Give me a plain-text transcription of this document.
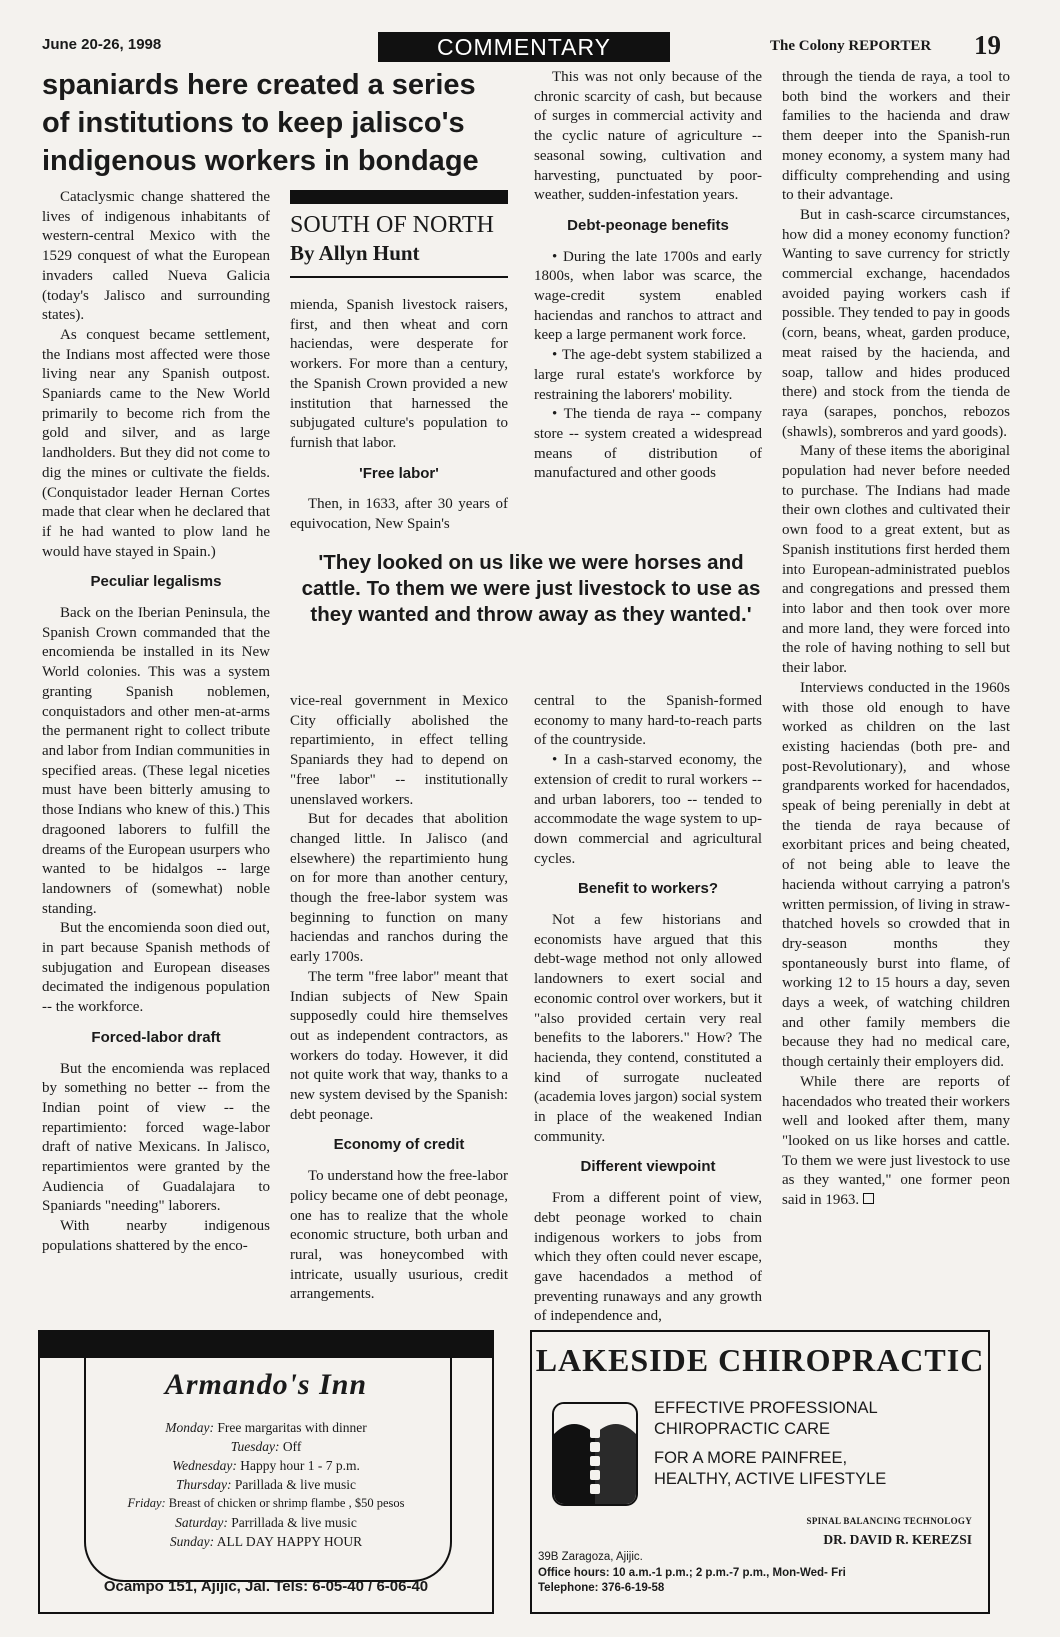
June 20-26, 1998	COMMENTARY	The Colony REPORTER 19
spaniards here created a series of institutions to keep jalisco's indigenous workers in bondage

Cataclysmic change shattered the lives of indigenous inhabitants of western-central Mexico with the 1529 conquest of what the European invaders called Nueva Galicia (today's Jalisco and surrounding states).

As conquest became settlement, the Indians most affected were those living near any Spanish outpost. Spaniards came to the New World primarily to become rich from the gold and silver, and as large landholders. But they did not come to dig the mines or cultivate the fields. (Conquistador leader Hernan Cortes made that clear when he declared that if he had wanted to plow land he would have stayed in Spain.)

Peculiar legalisms

Back on the Iberian Peninsula, the Spanish Crown commanded that the encomienda be installed in its New World colonies. This was a system granting Spanish noblemen, conquistadors and other men-at-arms the permanent right to collect tribute and labor from Indian communities in specified areas. (These legal niceties must have been bitterly amusing to those Indians who knew of this.) This dragooned laborers to fulfill the dreams of the European usurpers who wanted to be hidalgos -- large landowners of (somewhat) noble standing.

But the encomienda soon died out, in part because Spanish methods of subjugation and European diseases decimated the indigenous population -- the workforce.

Forced-labor draft

But the encomienda was replaced by something no better -- from the Indian point of view -- the repartimiento: forced wage-labor draft of native Mexicans. In Jalisco, repartimientos were granted by the Audiencia of Guadalajara to Spaniards "needing" laborers.

With nearby indigenous populations shattered by the enco-

SOUTH OF NORTH
By Allyn Hunt

mienda, Spanish livestock raisers, first, and then wheat and corn haciendas, were desperate for workers. For more than a century, the Spanish Crown provided a new institution that harnessed the subjugated culture's population to furnish that labor.

'Free labor'

Then, in 1633, after 30 years of equivocation, New Spain's

This was not only because of the chronic scarcity of cash, but because of surges in commercial activity and the cyclic nature of agriculture -- seasonal sowing, cultivation and harvesting, punctuated by poor-weather, sudden-infestation years.

Debt-peonage benefits

• During the late 1700s and early 1800s, when labor was scarce, the wage-credit system enabled haciendas and ranchos to attract and keep a large permanent work force.

• The age-debt system stabilized a large rural estate's workforce by restraining the laborers' mobility.

• The tienda de raya -- company store -- system created a widespread means of distribution of manufactured and other goods

'They looked on us like we were horses and cattle. To them we were just livestock to use as they wanted and throw away as they wanted.'

vice-real government in Mexico City officially abolished the repartimiento, in effect telling Spaniards they had to depend on "free labor" -- institutionally unenslaved workers.

But for decades that abolition changed little. In Jalisco (and elsewhere) the repartimiento hung on for more than another century, though the free-labor system was beginning to function on many haciendas and ranchos during the early 1700s.

The term "free labor" meant that Indian subjects of New Spain supposedly could hire themselves out as independent contractors, as workers do today. However, it did not quite work that way, thanks to a new system devised by the Spanish: debt peonage.

Economy of credit

To understand how the free-labor policy became one of debt peonage, one has to realize that the whole economic structure, both urban and rural, was honeycombed with intricate, usually usurious, credit arrangements.

central to the Spanish-formed economy to many hard-to-reach parts of the countryside.

• In a cash-starved economy, the extension of credit to rural workers -- and urban laborers, too -- tended to accommodate the wage system to up-down commercial and agricultural cycles.

Benefit to workers?

Not a few historians and economists have argued that this debt-wage method not only allowed landowners to exert social and economic control over workers, but it "also provided certain very real benefits to the laborers." How? The hacienda, they contend, constituted a kind of surrogate nucleated (academia loves jargon) social system in place of the weakened Indian community.

Different viewpoint

From a different point of view, debt peonage worked to chain indigenous workers to jobs from which they often could never escape, gave hacendados a method of preventing runaways and any growth of independence and,

through the tienda de raya, a tool to both bind the workers and their families to the hacienda and draw them deeper into the Spanish-run money economy, a system many had difficulty comprehending and using to their advantage.

But in cash-scarce circumstances, how did a money economy function? Wanting to save currency for strictly commercial exchange, hacendados avoided paying workers cash if possible. They tended to pay in goods (corn, beans, wheat, garden produce, meat raised by the hacienda, and soap, tallow and hides produced there) and stock from the tienda de raya (sarapes, ponchos, rebozos (shawls), sombreros and yard goods).

Many of these items the aboriginal population had never before needed to purchase. The Indians had made their own clothes and cultivated their own food to a great extent, but as Spanish institutions first herded them into European-administrated pueblos and congregations and pressed them into labor and then took over more and more land, they were forced into the role of having nothing to sell but their labor.

Interviews conducted in the 1960s with those old enough to have worked as children on the last existing haciendas (both pre- and post-Revolutionary), and whose grandparents worked for hacendados, speak of being perenially in debt at the tienda de raya because of exorbitant prices and being cheated, of not being able to leave the hacienda without carrying a patron's written permission, of living in straw-thatched hovels so crowded that in dry-season months they spontaneously burst into flame, of working 12 to 15 hours a day, seven days a week, of watching children and other family members die because they had no medical care, though certainly their employers did.

While there are reports of hacendados who treated their workers well and looked after them, many "looked on us like horses and cattle. To them we were just livestock to use as they wanted," one former peon said in 1963.

Armando's Inn
Monday: Free margaritas with dinner
Tuesday: Off
Wednesday: Happy hour 1 - 7 p.m.
Thursday: Parillada & live music
Friday: Breast of chicken or shrimp flambe , $50 pesos
Saturday: Parrillada & live music
Sunday: ALL DAY HAPPY HOUR
Ocampo 151, Ajijic, Jal. Tels: 6-05-40 / 6-06-40
LAKESIDE CHIROPRACTIC
EFFECTIVE PROFESSIONAL
CHIROPRACTIC CARE
FOR A MORE PAINFREE,
HEALTHY, ACTIVE LIFESTYLE
SPINAL BALANCING TECHNOLOGY
DR. DAVID R. KEREZSI
39B Zaragoza, Ajijic.
Office hours: 10 a.m.-1 p.m.; 2 p.m.-7 p.m., Mon-Wed- Fri
Telephone: 376-6-19-58
